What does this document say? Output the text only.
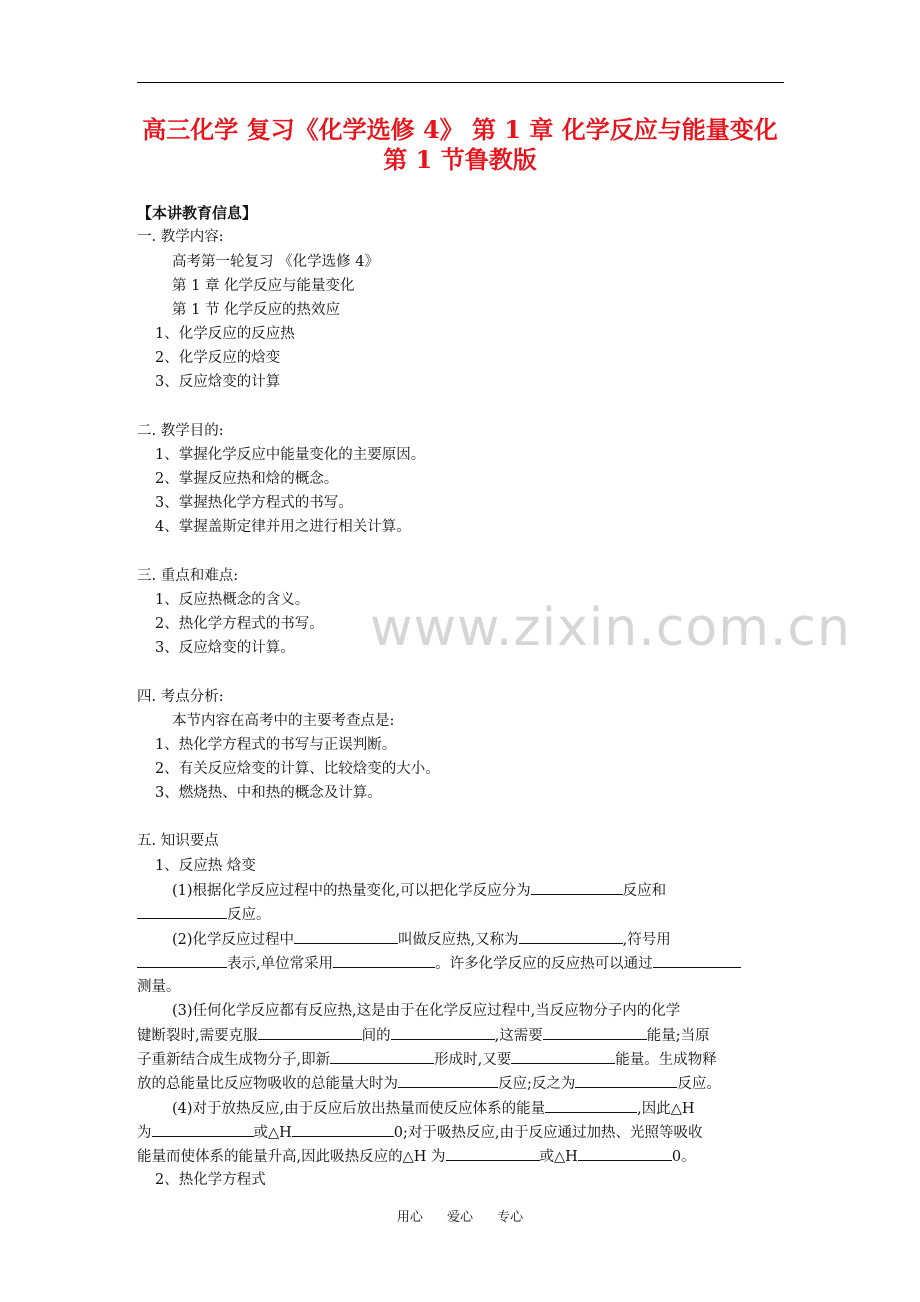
高三化学 复习《化学选修 4》 第 1 章 化学反应与能量变化
第 1 节鲁教版
【本讲教育信息】
一. 教学内容:
高考第一轮复习 《化学选修 4》
第 1 章 化学反应与能量变化
第 1 节 化学反应的热效应
1、化学反应的反应热
2、化学反应的焓变
3、反应焓变的计算
二. 教学目的:
1、掌握化学反应中能量变化的主要原因。
2、掌握反应热和焓的概念。
3、掌握热化学方程式的书写。
4、掌握盖斯定律并用之进行相关计算。
三. 重点和难点:
1、反应热概念的含义。
2、热化学方程式的书写。
3、反应焓变的计算。 www.zixin.com.cn
四. 考点分析:
本节内容在高考中的主要考查点是:
1、热化学方程式的书写与正误判断。
2、有关反应焓变的计算、比较焓变的大小。
3、燃烧热、中和热的概念及计算。
五. 知识要点
1、反应热 焓变
(1)根据化学反应过程中的热量变化,可以把化学反应分为	反应和
反应。
(2)化学反应过程中	叫做反应热,又称为	,符号用
表示,单位常采用	。许多化学反应的反应热可以通过
测量。
(3)任何化学反应都有反应热,这是由于在化学反应过程中,当反应物分子内的化学
键断裂时,需要克服	间的	,这需要	能量;当原
子重新结合成生成物分子,即新	形成时,又要	能量。生成物释
放的总能量比反应物吸收的总能量大时为	反应;反之为	反应。
(4)对于放热反应,由于反应后放出热量而使反应体系的能量	,因此△H
为	或△H	0;对于吸热反应,由于反应通过加热、光照等吸收
能量而使体系的能量升高,因此吸热反应的△H 为	或△H	0。
2、热化学方程式
用心 爱心 专心
